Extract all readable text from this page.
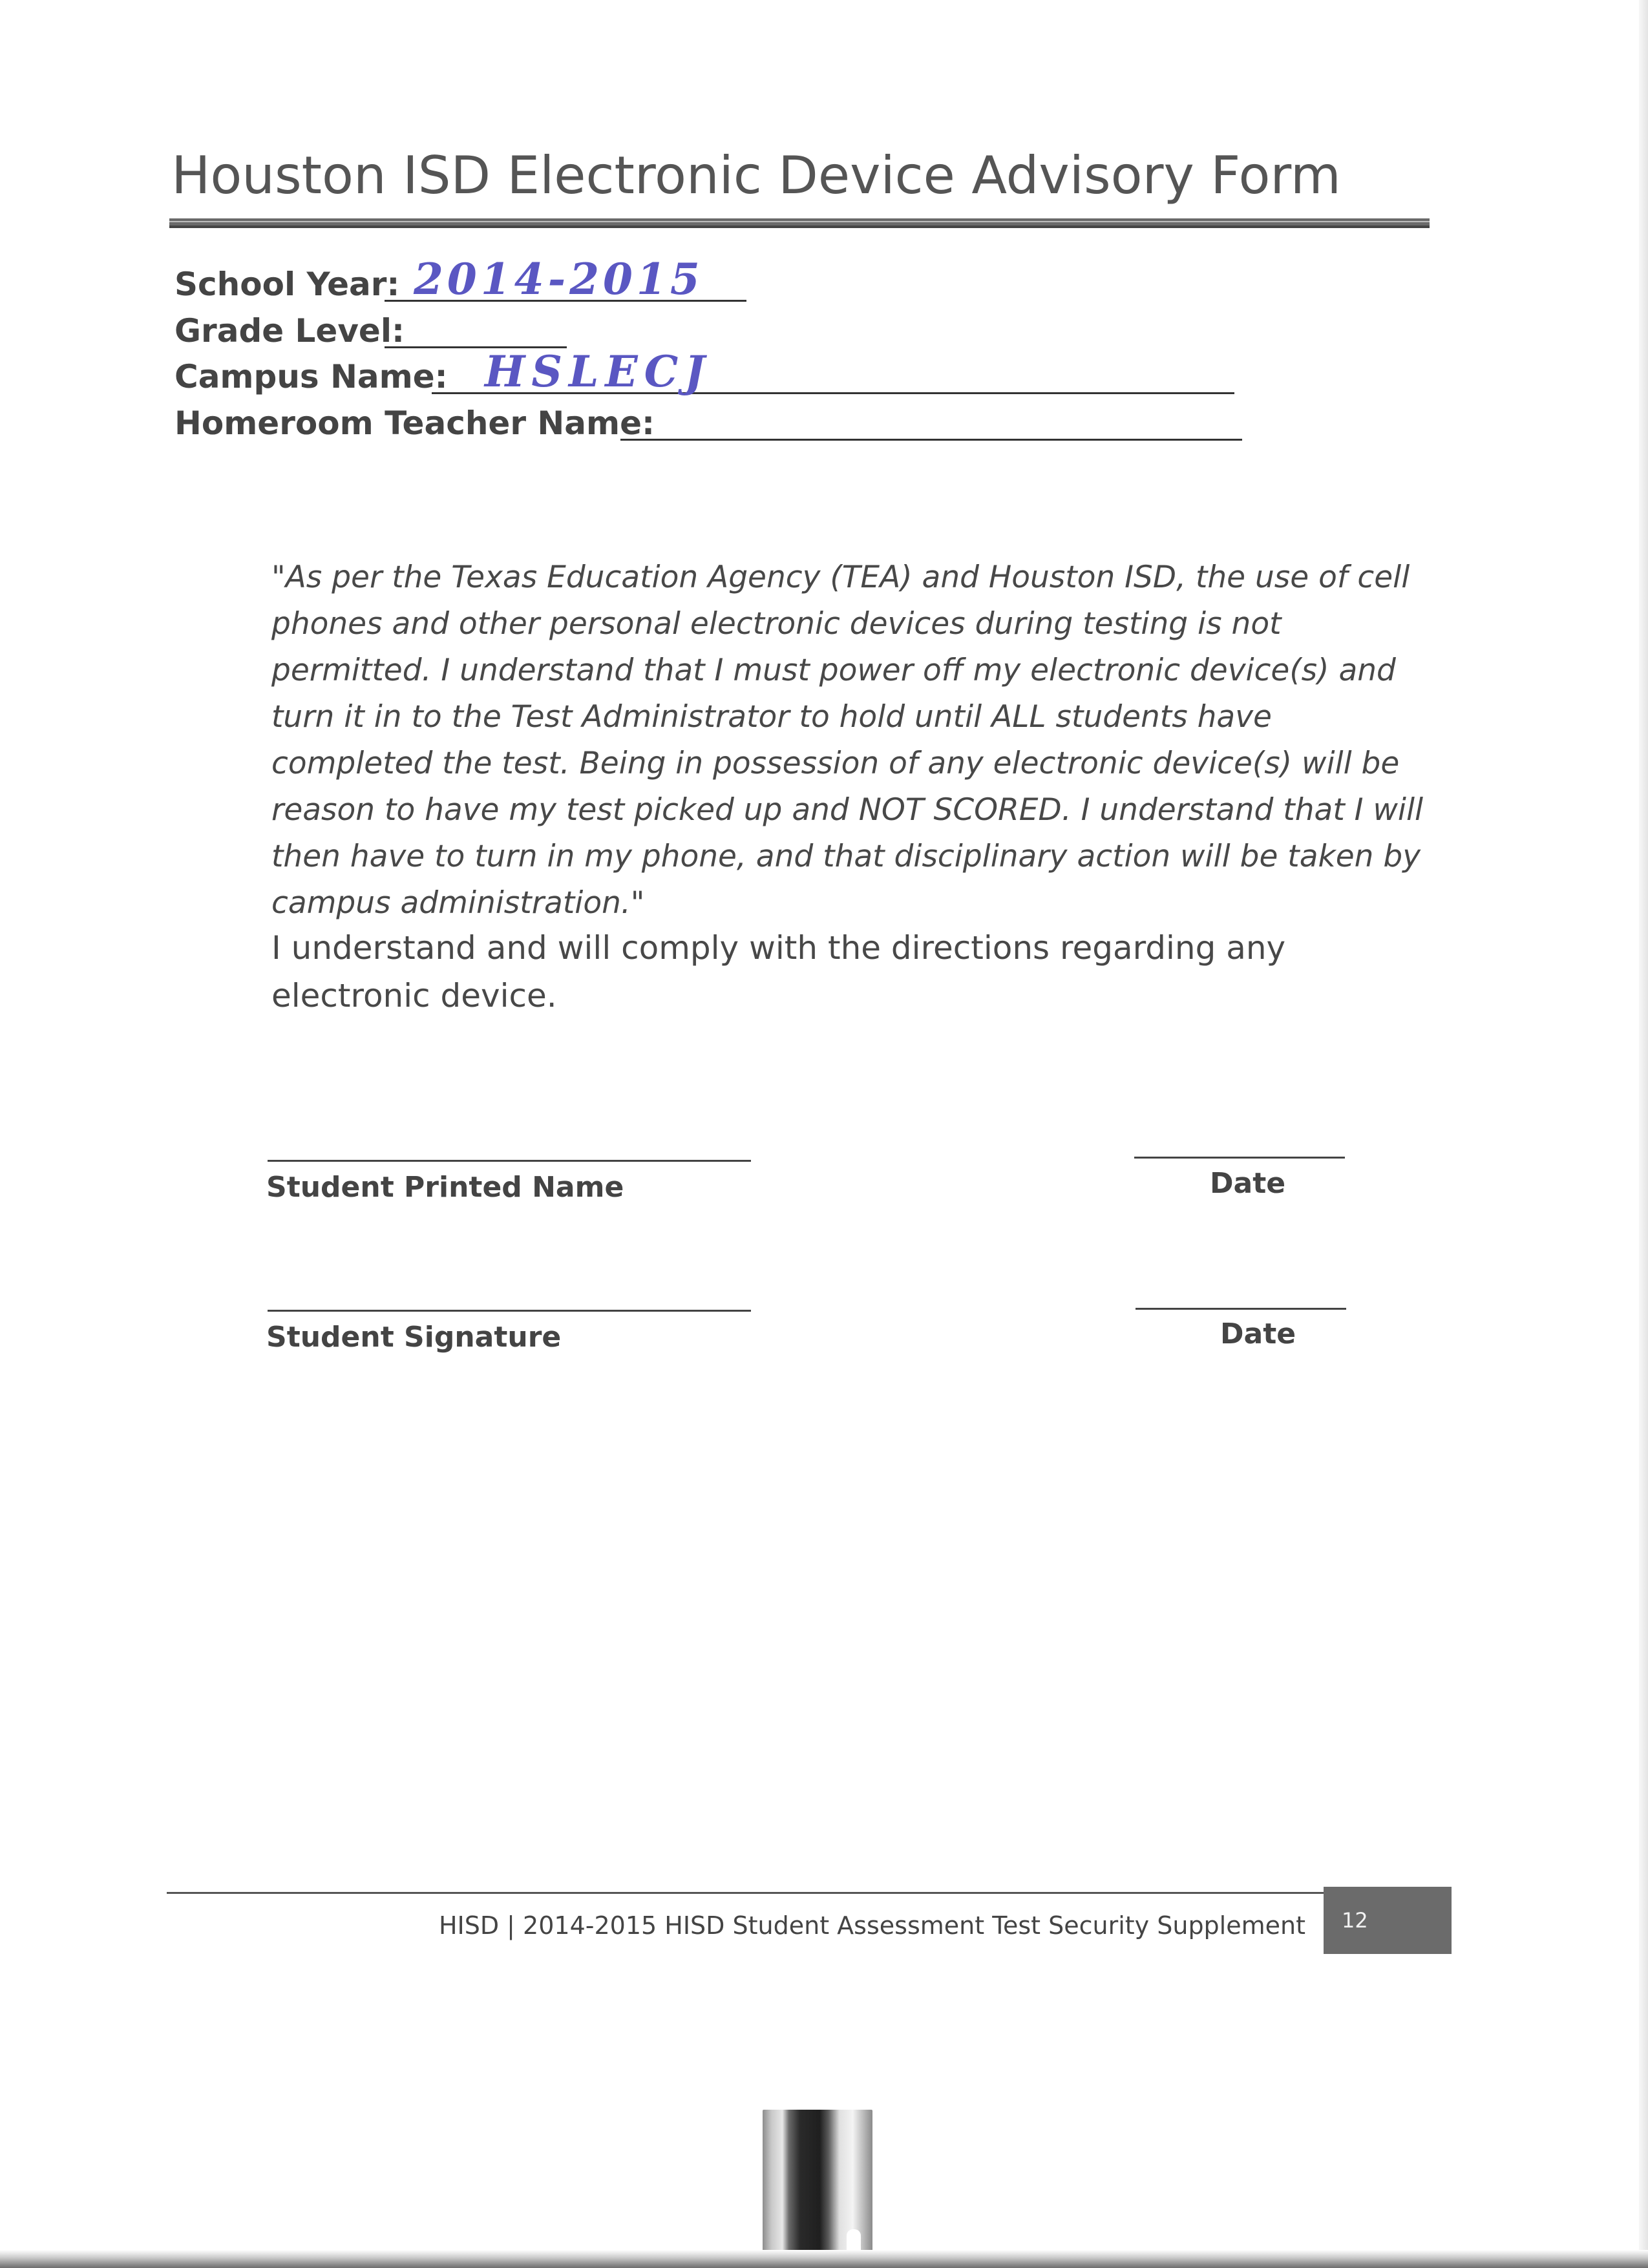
Houston ISD Electronic Device Advisory Form
School Year: 2014-2015
Grade Level:
Campus Name: HSLECJ
Homeroom Teacher Name:

"As per the Texas Education Agency (TEA) and Houston ISD, the use of cell phones and other personal electronic devices during testing is not permitted. I understand that I must power off my electronic device(s) and turn it in to the Test Administrator to hold until ALL students have completed the test. Being in possession of any electronic device(s) will be reason to have my test picked up and NOT SCORED. I understand that I will then have to turn in my phone, and that disciplinary action will be taken by campus administration."

I understand and will comply with the directions regarding any electronic device.

Student Printed Name	Date
Student Signature	Date
HISD | 2014-2015 HISD Student Assessment Test Security Supplement 12
